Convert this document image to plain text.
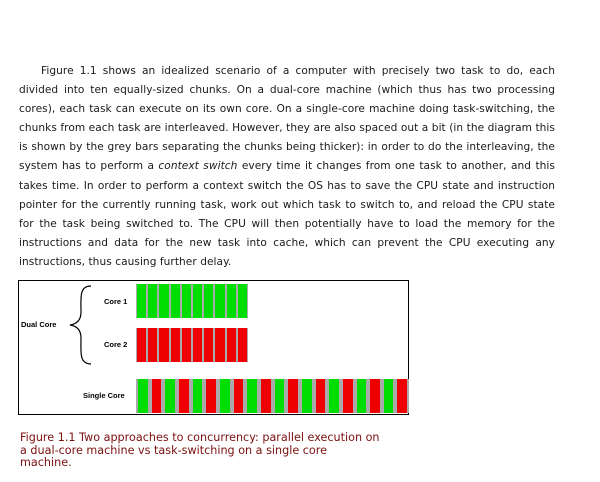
Figure 1.1 shows an idealized scenario of a computer with precisely two task to do, each divided into ten equally-sized chunks. On a dual-core machine (which thus has two processing cores), each task can execute on its own core. On a single-core machine doing task-switching, the chunks from each task are interleaved. However, they are also spaced out a bit (in the diagram this is shown by the grey bars separating the chunks being thicker): in order to do the interleaving, the system has to perform a context switch every time it changes from one task to another, and this takes time. In order to perform a context switch the OS has to save the CPU state and instruction pointer for the currently running task, work out which task to switch to, and reload the CPU state for the task being switched to. The CPU will then potentially have to load the memory for the instructions and data for the new task into cache, which can prevent the CPU executing any instructions, thus causing further delay.
Dual Core
Core 1
Core 2
Single Core
Figure 1.1 Two approaches to concurrency: parallel execution on a dual-core machine vs task-switching on a single core machine.
